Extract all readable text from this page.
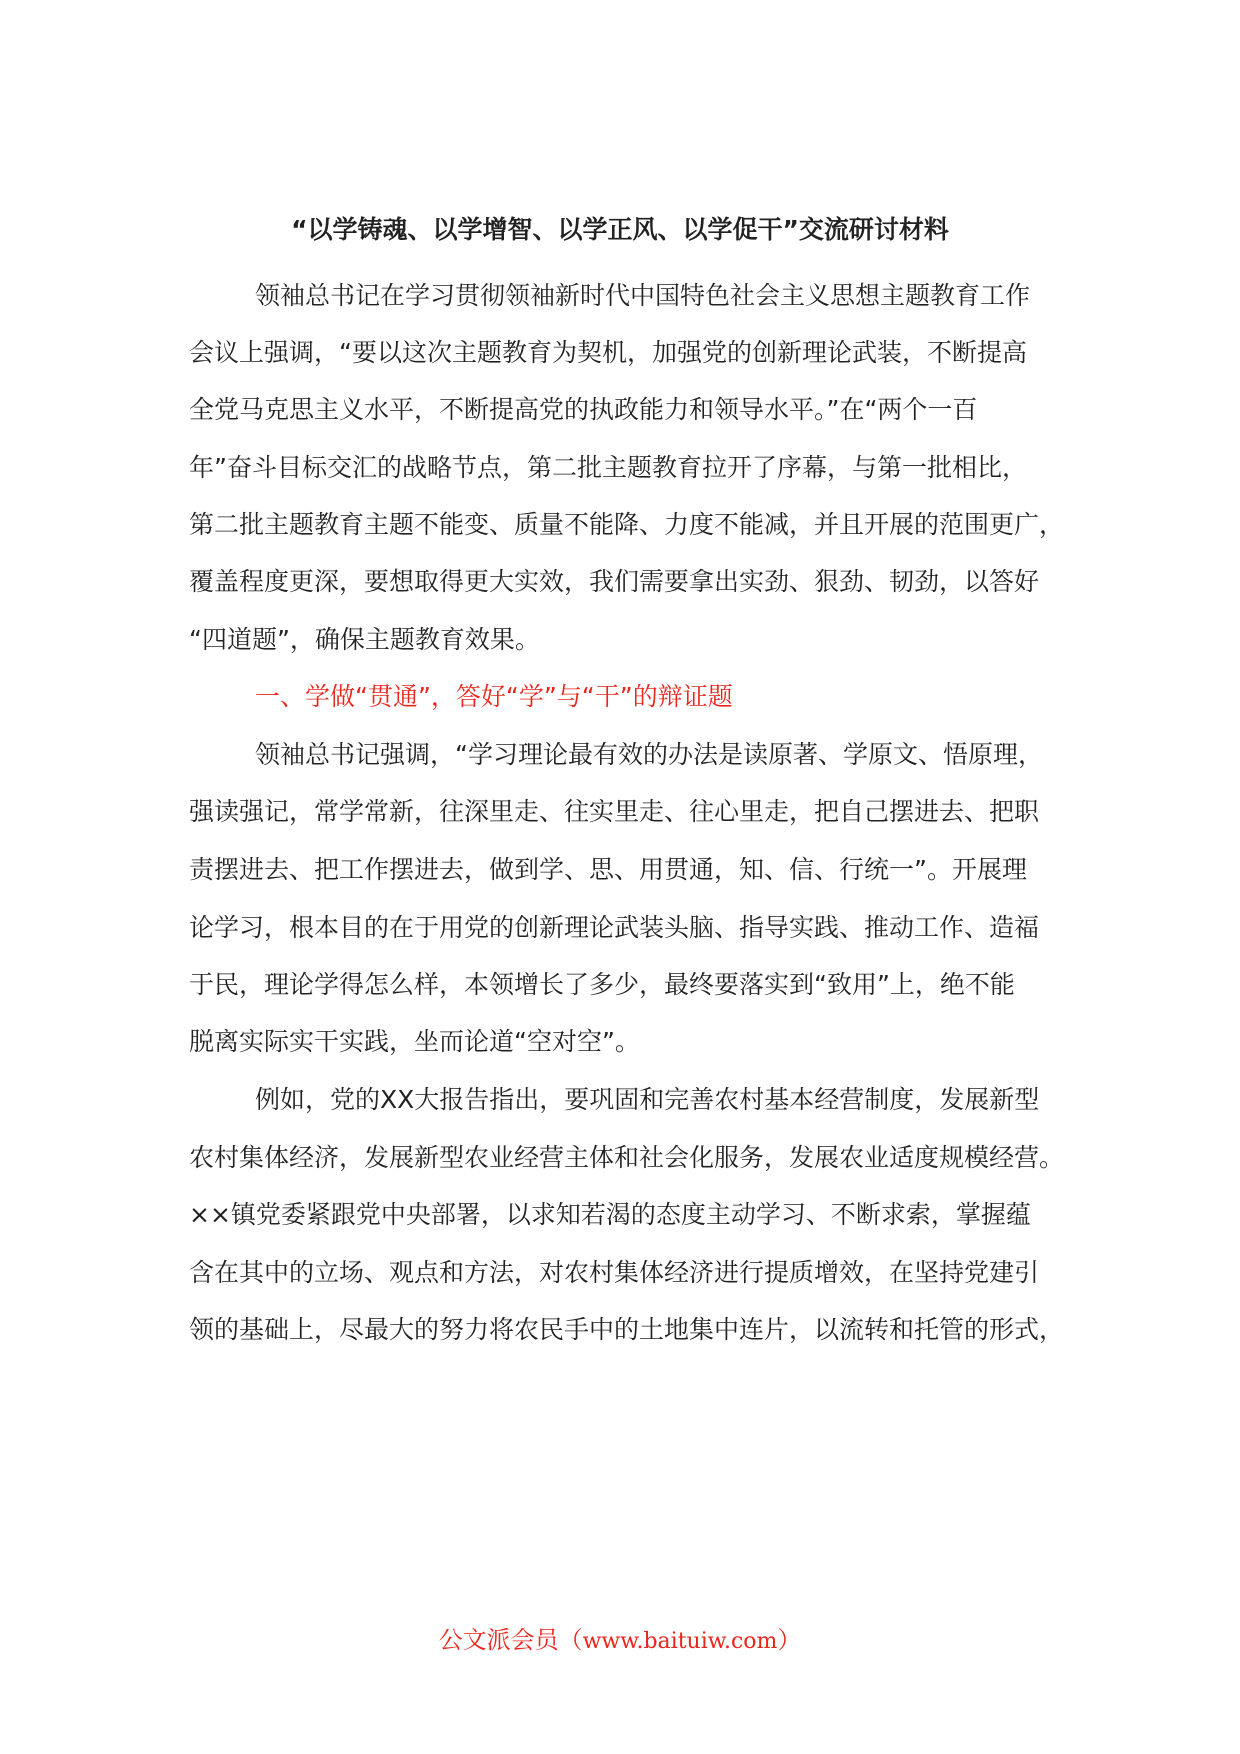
“以学铸魂、以学增智、以学正风、以学促干”交流研讨材料
领袖总书记在学习贯彻领袖新时代中国特色社会主义思想主题教育工作
会议上强调，“要以这次主题教育为契机，加强党的创新理论武装，不断提高
全党马克思主义水平，不断提高党的执政能力和领导水平。”在“两个一百
年”奋斗目标交汇的战略节点，第二批主题教育拉开了序幕，与第一批相比，
第二批主题教育主题不能变、质量不能降、力度不能减，并且开展的范围更广，
覆盖程度更深，要想取得更大实效，我们需要拿出实劲、狠劲、韧劲，以答好
“四道题”，确保主题教育效果。
一、学做“贯通”，答好“学”与“干”的辩证题
领袖总书记强调，“学习理论最有效的办法是读原著、学原文、悟原理，
强读强记，常学常新，往深里走、往实里走、往心里走，把自己摆进去、把职
责摆进去、把工作摆进去，做到学、思、用贯通，知、信、行统一”。开展理
论学习，根本目的在于用党的创新理论武装头脑、指导实践、推动工作、造福
于民，理论学得怎么样，本领增长了多少，最终要落实到“致用”上，绝不能
脱离实际实干实践，坐而论道“空对空”。
例如，党的XX大报告指出，要巩固和完善农村基本经营制度，发展新型
农村集体经济，发展新型农业经营主体和社会化服务，发展农业适度规模经营。
××镇党委紧跟党中央部署，以求知若渴的态度主动学习、不断求索，掌握蕴
含在其中的立场、观点和方法，对农村集体经济进行提质增效，在坚持党建引
领的基础上，尽最大的努力将农民手中的土地集中连片，以流转和托管的形式，
公文派会员（www.baituiw.com）
